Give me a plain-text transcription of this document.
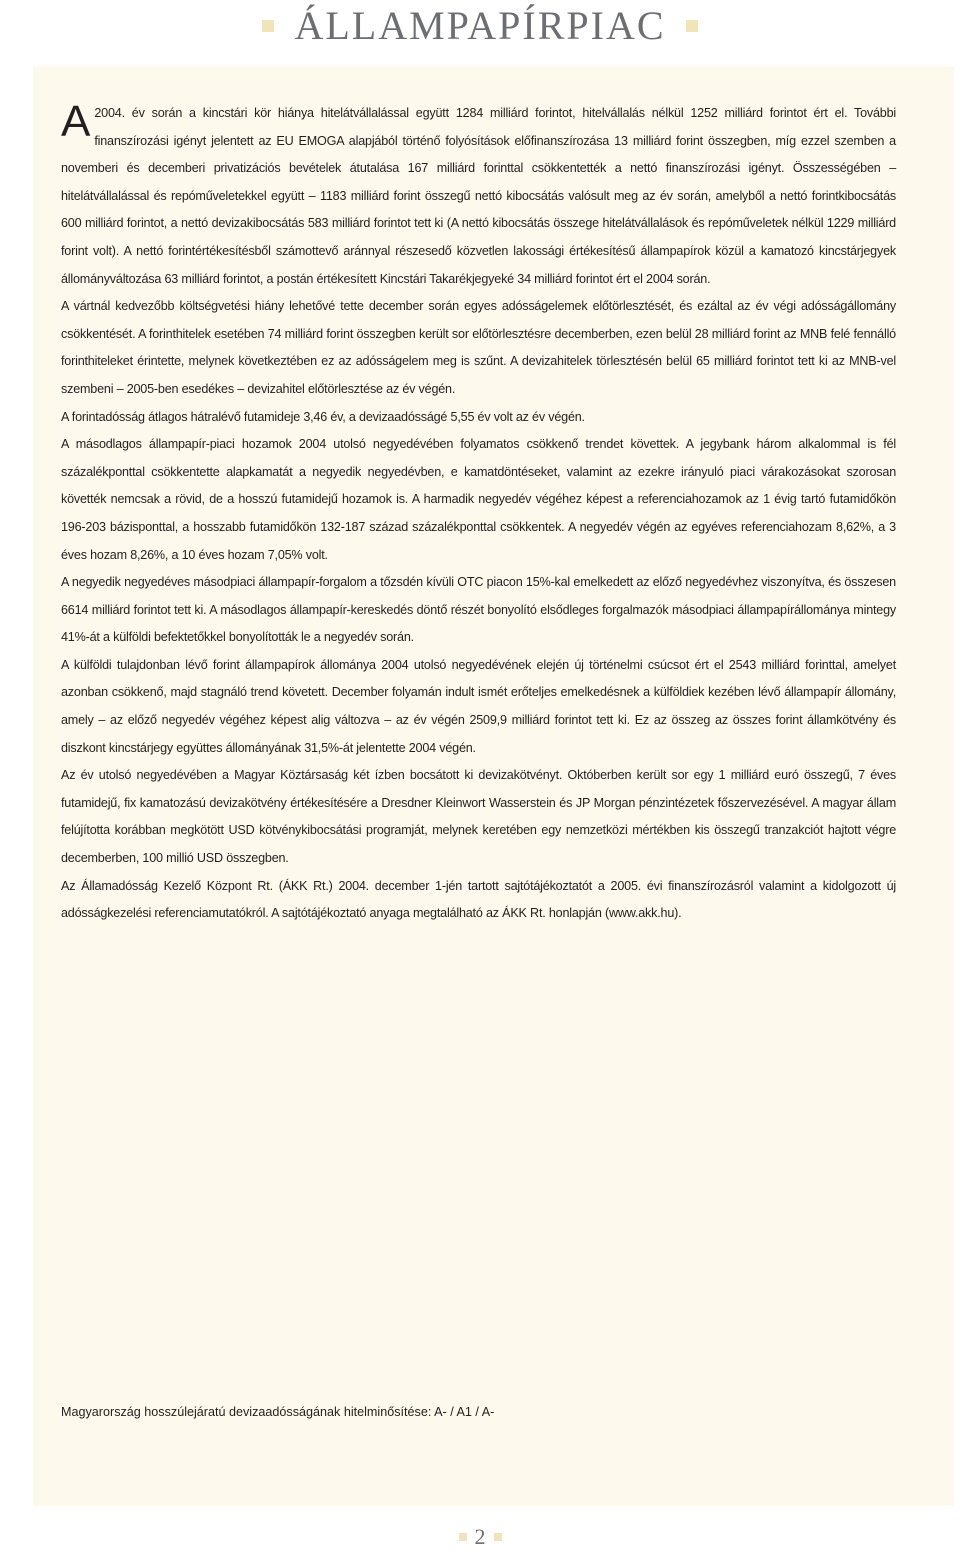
ÁLLAMPAPÍRPIAC

A 2004. év során a kincstári kör hiánya hitelátvállalással együtt 1284 milliárd forintot, hitelvállalás nélkül 1252 milliárd forintot ért el. További finanszírozási igényt jelentett az EU EMOGA alapjából történő folyósítások előfinanszírozása 13 milliárd forint összegben, míg ezzel szemben a novemberi és decemberi privatizációs bevételek átutalása 167 milliárd forinttal csökkentették a nettó finanszírozási igényt. Összességében – hitelátvállalással és repóműveletekkel együtt – 1183 milliárd forint összegű nettó kibocsátás valósult meg az év során, amelyből a nettó forintkibocsátás 600 milliárd forintot, a nettó devizakibocsátás 583 milliárd forintot tett ki (A nettó kibocsátás összege hitelátvállalások és repóműveletek nélkül 1229 milliárd forint volt). A nettó forintértékesítésből számottevő aránnyal részesedő közvetlen lakossági értékesítésű állampapírok közül a kamatozó kincstárjegyek állományváltozása 63 milliárd forintot, a postán értékesített Kincstári Takarékjegyeké 34 milliárd forintot ért el 2004 során.

A vártnál kedvezőbb költségvetési hiány lehetővé tette december során egyes adósságelemek előtörlesztését, és ezáltal az év végi adósságállomány csökkentését. A forinthitelek esetében 74 milliárd forint összegben került sor előtörlesztésre decemberben, ezen belül 28 milliárd forint az MNB felé fennálló forinthiteleket érintette, melynek következtében ez az adósságelem meg is szűnt. A devizahitelek törlesztésén belül 65 milliárd forintot tett ki az MNB-vel szembeni – 2005-ben esedékes – devizahitel előtörlesztése az év végén.

A forintadósság átlagos hátralévő futamideje 3,46 év, a devizaadósságé 5,55 év volt az év végén.

A másodlagos állampapír-piaci hozamok 2004 utolsó negyedévében folyamatos csökkenő trendet követtek. A jegybank három alkalommal is fél százalékponttal csökkentette alapkamatát a negyedik negyedévben, e kamatdöntéseket, valamint az ezekre irányuló piaci várakozásokat szorosan követték nemcsak a rövid, de a hosszú futamidejű hozamok is. A harmadik negyedév végéhez képest a referenciahozamok az 1 évig tartó futamidőkön 196-203 bázisponttal, a hosszabb futamidőkön 132-187 század százalékponttal csökkentek. A negyedév végén az egyéves referenciahozam 8,62%, a 3 éves hozam 8,26%, a 10 éves hozam 7,05% volt.

A negyedik negyedéves másodpiaci állampapír-forgalom a tőzsdén kívüli OTC piacon 15%-kal emelkedett az előző negyedévhez viszonyítva, és összesen 6614 milliárd forintot tett ki. A másodlagos állampapír-kereskedés döntő részét bonyolító elsődleges forgalmazók másodpiaci állampapírállománya mintegy 41%-át a külföldi befektetőkkel bonyolították le a negyedév során.

A külföldi tulajdonban lévő forint állampapírok állománya 2004 utolsó negyedévének elején új történelmi csúcsot ért el 2543 milliárd forinttal, amelyet azonban csökkenő, majd stagnáló trend követett. December folyamán indult ismét erőteljes emelkedésnek a külföldiek kezében lévő állampapír állomány, amely – az előző negyedév végéhez képest alig változva – az év végén 2509,9 milliárd forintot tett ki. Ez az összeg az összes forint államkötvény és diszkont kincstárjegy együttes állományának 31,5%-át jelentette 2004 végén.

Az év utolsó negyedévében a Magyar Köztársaság két ízben bocsátott ki devizakötvényt. Októberben került sor egy 1 milliárd euró összegű, 7 éves futamidejű, fix kamatozású devizakötvény értékesítésére a Dresdner Kleinwort Wasserstein és JP Morgan pénzintézetek főszervezésével. A magyar állam felújította korábban megkötött USD kötvénykibocsátási programját, melynek keretében egy nemzetközi mértékben kis összegű tranzakciót hajtott végre decemberben, 100 millió USD összegben.

Az Államadósság Kezelő Központ Rt. (ÁKK Rt.) 2004. december 1-jén tartott sajtótájékoztatót a 2005. évi finanszírozásról valamint a kidolgozott új adósságkezelési referenciamutatókról. A sajtótájékoztató anyaga megtalálható az ÁKK Rt. honlapján (www.akk.hu).

Magyarország hosszúlejáratú devizaadósságának hitelminősítése: A- / A1 / A-
2
